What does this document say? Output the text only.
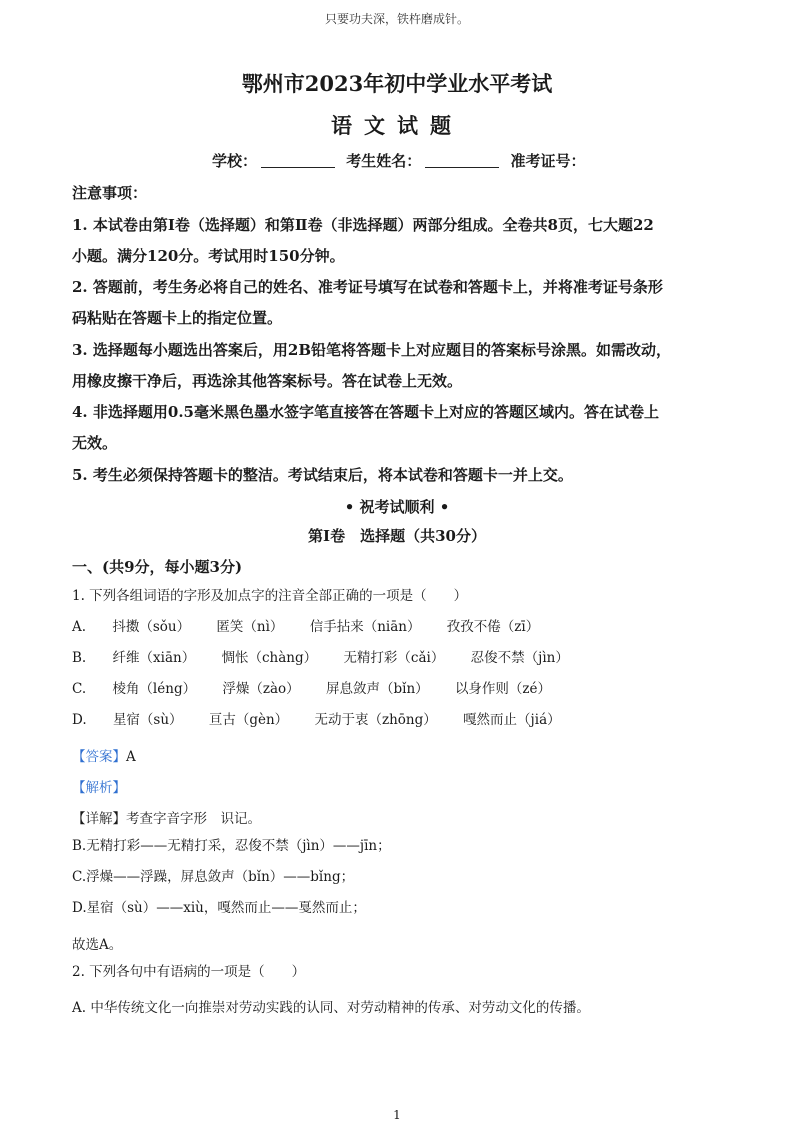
只要功夫深，铁杵磨成针。
鄂州市2023年初中学业水平考试
语文试题
学校：	考生姓名：	准考证号：
注意事项：
1. 本试卷由第Ⅰ卷（选择题）和第Ⅱ卷（非选择题）两部分组成。全卷共8页，七大题22
小题。满分120分。考试用时150分钟。
2. 答题前，考生务必将自己的姓名、准考证号填写在试卷和答题卡上，并将准考证号条形
码粘贴在答题卡上的指定位置。
3. 选择题每小题选出答案后，用2B铅笔将答题卡上对应题目的答案标号涂黑。如需改动，
用橡皮擦干净后，再选涂其他答案标号。答在试卷上无效。
4. 非选择题用0.5毫米黑色墨水签字笔直接答在答题卡上对应的答题区域内。答在试卷上
无效。
5. 考生必须保持答题卡的整洁。考试结束后，将本试卷和答题卡一并上交。
• 祝考试顺利 •
第Ⅰ卷　选择题（共30分）
一、(共9分，每小题3分)
1. 下列各组词语的字形及加点字的注音全部正确的一项是（　　）
A. 抖擞（sǒu） 匿笑（nì） 信手拈来（niān） 孜孜不倦（zī）
B. 纤维（xiān） 惆怅（chàng） 无精打彩（cǎi） 忍俊不禁（jìn）
C. 棱角（léng） 浮燥（zào） 屏息敛声（bǐn） 以身作则（zé）
D. 星宿（sù） 亘古（gèn） 无动于衷（zhōng） 嘎然而止（jiá）
【答案】A
【解析】
【详解】考查字音字形　识记。
B.无精打彩——无精打采，忍俊不禁（jìn）——jīn；
C.浮燥——浮躁，屏息敛声（bǐn）——bǐng；
D.星宿（sù）——xiù，嘎然而止——戛然而止；
故选A。
2. 下列各句中有语病的一项是（　　）
A. 中华传统文化一向推崇对劳动实践的认同、对劳动精神的传承、对劳动文化的传播。
1
